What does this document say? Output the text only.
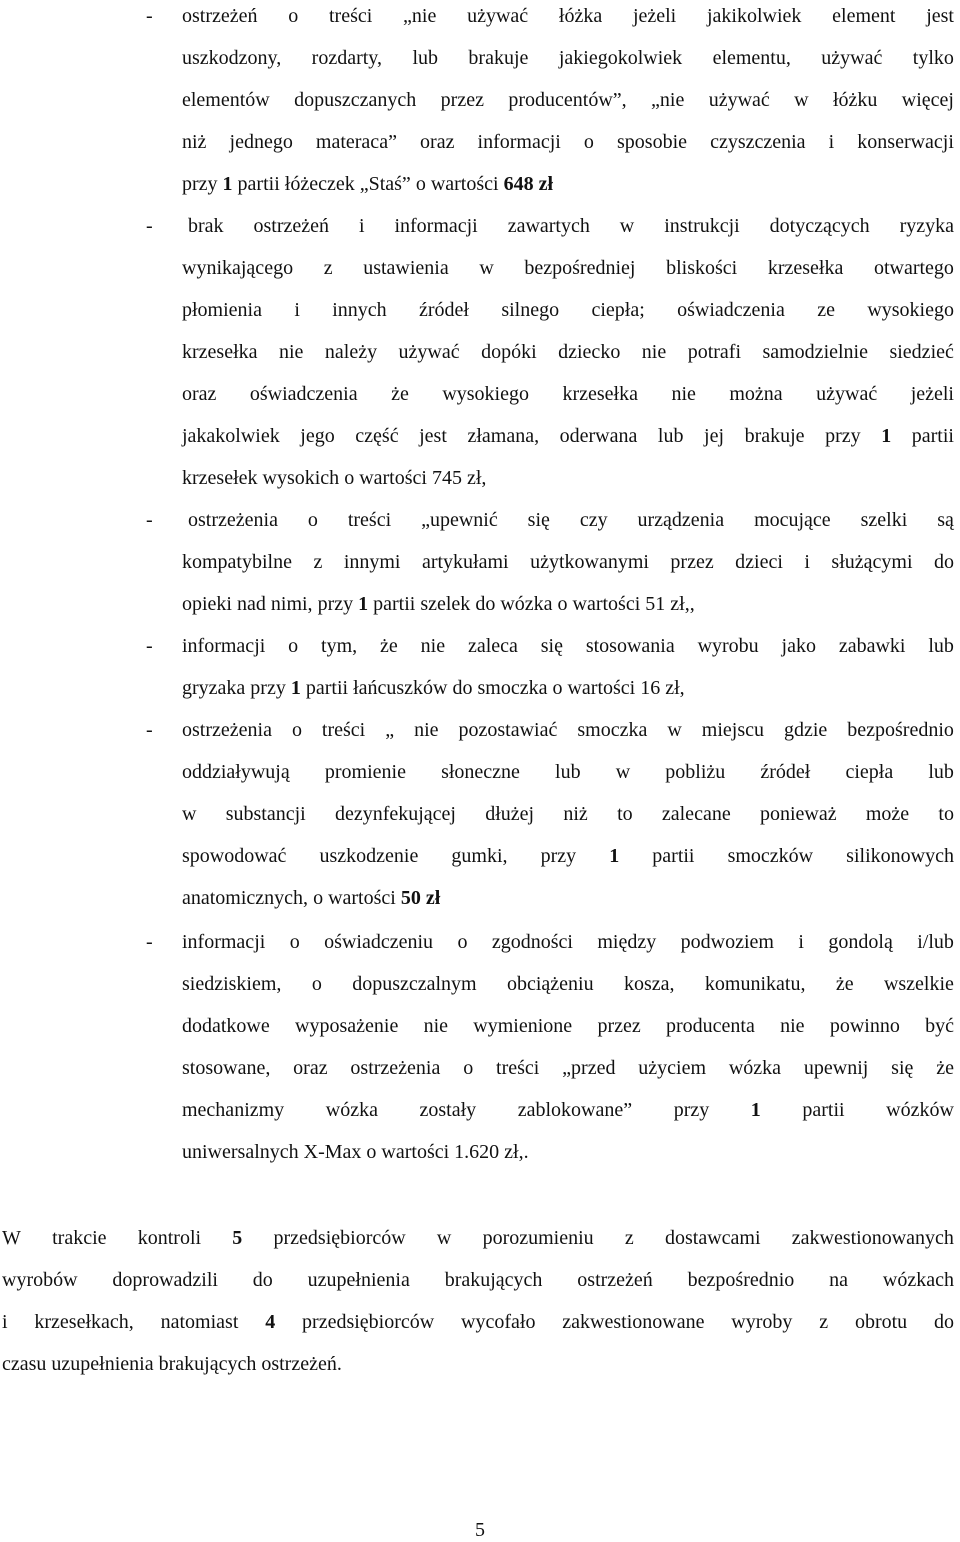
- ostrzeżeń o treści „nie używać łóżka jeżeli jakikolwiek element jest
uszkodzony, rozdarty, lub brakuje jakiegokolwiek elementu, używać tylko
elementów dopuszczanych przez producentów”, „nie używać w łóżku więcej
niż jednego materaca” oraz informacji o sposobie czyszczenia i konserwacji
przy 1 partii łóżeczek „Staś” o wartości 648 zł
- brak ostrzeżeń i informacji zawartych w instrukcji dotyczących ryzyka
wynikającego z ustawienia w bezpośredniej bliskości krzesełka otwartego
płomienia i innych źródeł silnego ciepła; oświadczenia ze wysokiego
krzesełka nie należy używać dopóki dziecko nie potrafi samodzielnie siedzieć
oraz oświadczenia że wysokiego krzesełka nie można używać jeżeli
jakakolwiek jego część jest złamana, oderwana lub jej brakuje przy 1 partii
krzesełek wysokich o wartości 745 zł,
- ostrzeżenia o treści „upewnić się czy urządzenia mocujące szelki są
kompatybilne z innymi artykułami użytkowanymi przez dzieci i służącymi do
opieki nad nimi, przy 1 partii szelek do wózka o wartości 51 zł,,
- informacji o tym, że nie zaleca się stosowania wyrobu jako zabawki lub
gryzaka przy 1 partii łańcuszków do smoczka o wartości 16 zł,
- ostrzeżenia o treści „ nie pozostawiać smoczka w miejscu gdzie bezpośrednio
oddziaływują promienie słoneczne lub w pobliżu źródeł ciepła lub
w substancji dezynfekującej dłużej niż to zalecane ponieważ może to
spowodować uszkodzenie gumki, przy 1 partii smoczków silikonowych
anatomicznych, o wartości 50 zł
- informacji o oświadczeniu o zgodności między podwoziem i gondolą i/lub
siedziskiem, o dopuszczalnym obciążeniu kosza, komunikatu, że wszelkie
dodatkowe wyposażenie nie wymienione przez producenta nie powinno być
stosowane, oraz ostrzeżenia o treści „przed użyciem wózka upewnij się że
mechanizmy wózka zostały zablokowane” przy 1 partii wózków
uniwersalnych X-Max o wartości 1.620 zł,.
W trakcie kontroli 5 przedsiębiorców w porozumieniu z dostawcami zakwestionowanych
wyrobów doprowadzili do uzupełnienia brakujących ostrzeżeń bezpośrednio na wózkach
i krzesełkach, natomiast 4 przedsiębiorców wycofało zakwestionowane wyroby z obrotu do
czasu uzupełnienia brakujących ostrzeżeń.
5
